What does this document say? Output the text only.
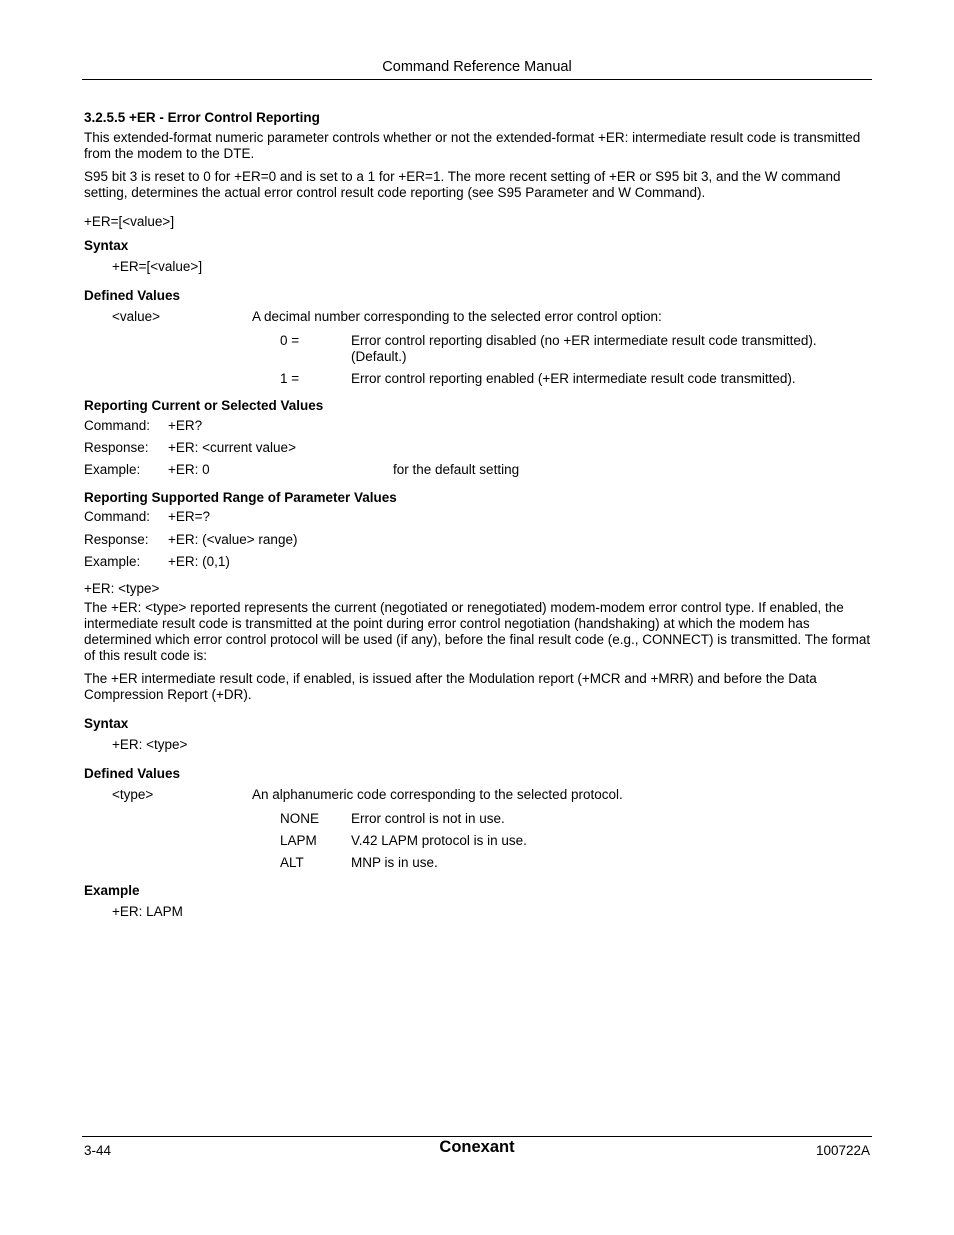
Command Reference Manual
3.2.5.5 +ER - Error Control Reporting
This extended-format numeric parameter controls whether or not the extended-format +ER: intermediate result code is transmitted from the modem to the DTE.
S95 bit 3 is reset to 0 for +ER=0 and is set to a 1 for +ER=1. The more recent setting of +ER or S95 bit 3, and the W command setting, determines the actual error control result code reporting (see S95 Parameter and W Command).
+ER=[<value>]
Syntax
+ER=[<value>]
Defined Values
<value>	A decimal number corresponding to the selected error control option:
0 =	Error control reporting disabled (no +ER intermediate result code transmitted).
(Default.)
1 =	Error control reporting enabled (+ER intermediate result code transmitted).
Reporting Current or Selected Values
Command: +ER?
Response: +ER: <current value>
Example: +ER: 0	for the default setting
Reporting Supported Range of Parameter Values
Command: +ER=?
Response: +ER: (<value> range)
Example: +ER: (0,1)
+ER: <type>
The +ER: <type> reported represents the current (negotiated or renegotiated) modem-modem error control type. If enabled, the intermediate result code is transmitted at the point during error control negotiation (handshaking) at which the modem has determined which error control protocol will be used (if any), before the final result code (e.g., CONNECT) is transmitted. The format of this result code is:
The +ER intermediate result code, if enabled, is issued after the Modulation report (+MCR and +MRR) and before the Data Compression Report (+DR).
Syntax
+ER: <type>
Defined Values
<type>	An alphanumeric code corresponding to the selected protocol.
NONE Error control is not in use.
LAPM	V.42 LAPM protocol is in use.
ALT	MNP is in use.
Example
+ER: LAPM
3-44	Conexant	100722A
